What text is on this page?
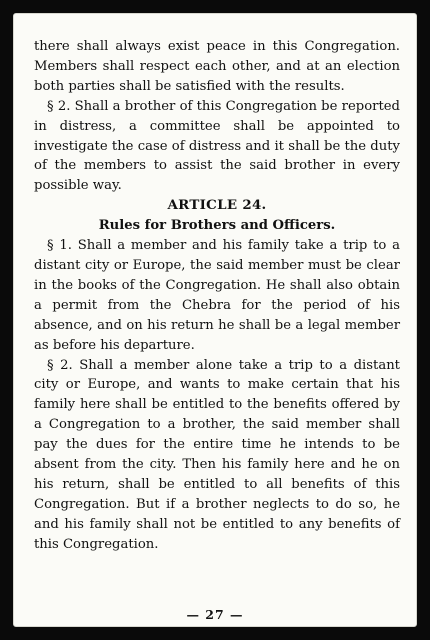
there shall always exist peace in this Congregation. Members shall respect each other, and at an election both parties shall be satisfied with the results.

§ 2. Shall a brother of this Congregation be reported in distress, a committee shall be appointed to investigate the case of distress and it shall be the duty of the members to assist the said brother in every possible way.

ARTICLE 24.

Rules for Brothers and Officers.

§ 1. Shall a member and his family take a trip to a distant city or Europe, the said member must be clear in the books of the Congregation. He shall also obtain a permit from the Chebra for the period of his absence, and on his return he shall be a legal member as before his departure.

§ 2. Shall a member alone take a trip to a distant city or Europe, and wants to make certain that his family here shall be entitled to the benefits offered by a Congregation to a brother, the said member shall pay the dues for the entire time he intends to be absent from the city. Then his family here and he on his return, shall be entitled to all benefits of this Congregation. But if a brother neglects to do so, he and his family shall not be entitled to any benefits of this Congregation.

— 27 —
